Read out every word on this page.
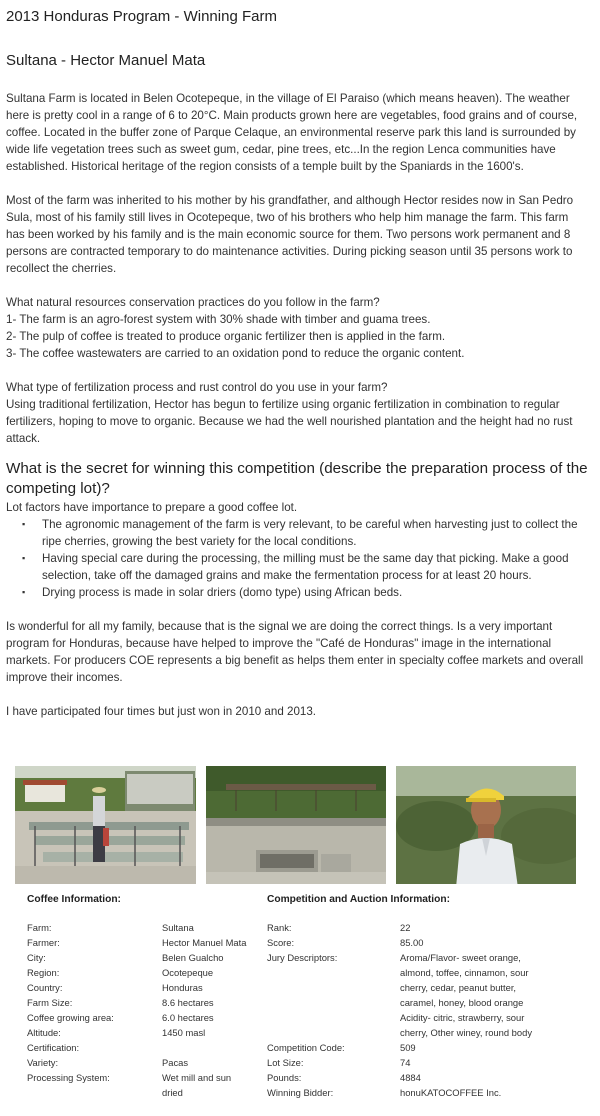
2013 Honduras Program - Winning Farm
Sultana - Hector Manuel Mata

Sultana Farm is located in Belen Ocotepeque, in the village of El Paraiso (which means heaven). The weather here is pretty cool in a range of 6 to 20°C. Main products grown here are vegetables, food grains and of course, coffee. Located in the buffer zone of Parque Celaque, an environmental reserve park this land is surrounded by wide life vegetation trees such as sweet gum, cedar, pine trees, etc...In the region Lenca communities have established. Historical heritage of the region consists of a temple built by the Spaniards in the 1600's.

Most of the farm was inherited to his mother by his grandfather, and although Hector resides now in San Pedro Sula, most of his family still lives in Ocotepeque, two of his brothers who help him manage the farm. This farm has been worked by his family and is the main economic source for them. Two persons work permanent and 8 persons are contracted temporary to do maintenance activities. During picking season until 35 persons work to recollect the cherries.

What natural resources conservation practices do you follow in the farm?

1- The farm is an agro-forest system with 30% shade with timber and guama trees.

2- The pulp of coffee is treated to produce organic fertilizer then is applied in the farm.

3- The coffee wastewaters are carried to an oxidation pond to reduce the organic content.

What type of fertilization process and rust control do you use in your farm?

Using traditional fertilization, Hector has begun to fertilize using organic fertilization in combination to regular fertilizers, hoping to move to organic. Because we had the well nourished plantation and the height had no rust attack.

What is the secret for winning this competition (describe the preparation process of the competing lot)?

Lot factors have importance to prepare a good coffee lot.

▪ The agronomic management of the farm is very relevant, to be careful when harvesting just to collect the ripe cherries, growing the best variety for the local conditions.
▪ Having special care during the processing, the milling must be the same day that picking. Make a good selection, take off the damaged grains and make the fermentation process for at least 20 hours.
▪ Drying process is made in solar driers (domo type) using African beds.

Is wonderful for all my family, because that is the signal we are doing the correct things. Is a very important program for Honduras, because have helped to improve the "Café de Honduras" image in the international markets. For producers COE represents a big benefit as helps them enter in specialty coffee markets and overall improve their incomes.

I have participated four times but just won in 2010 and 2013.

Coffee Information:
Farm:	Sultana
Farmer:	Hector Manuel Mata
City:	Belen Gualcho
Region:	Ocotepeque
Country:	Honduras
Farm Size:	8.6 hectares
Coffee growing area:	6.0 hectares
Altitude:	1450 masl
Certification:
Variety:	Pacas
Processing System:	Wet mill and sun dried
Competition and Auction Information:
Rank:	22
Score:	85.00
Jury Descriptors:	Aroma/Flavor- sweet orange, almond, toffee, cinnamon, sour cherry, cedar, peanut butter, caramel, honey, blood orange Acidity- citric, strawberry, sour cherry, Other winey, round body
Competition Code:	509
Lot Size:	74
Pounds:	4884
Winning Bidder:	honuKATOCOFFEE Inc.
